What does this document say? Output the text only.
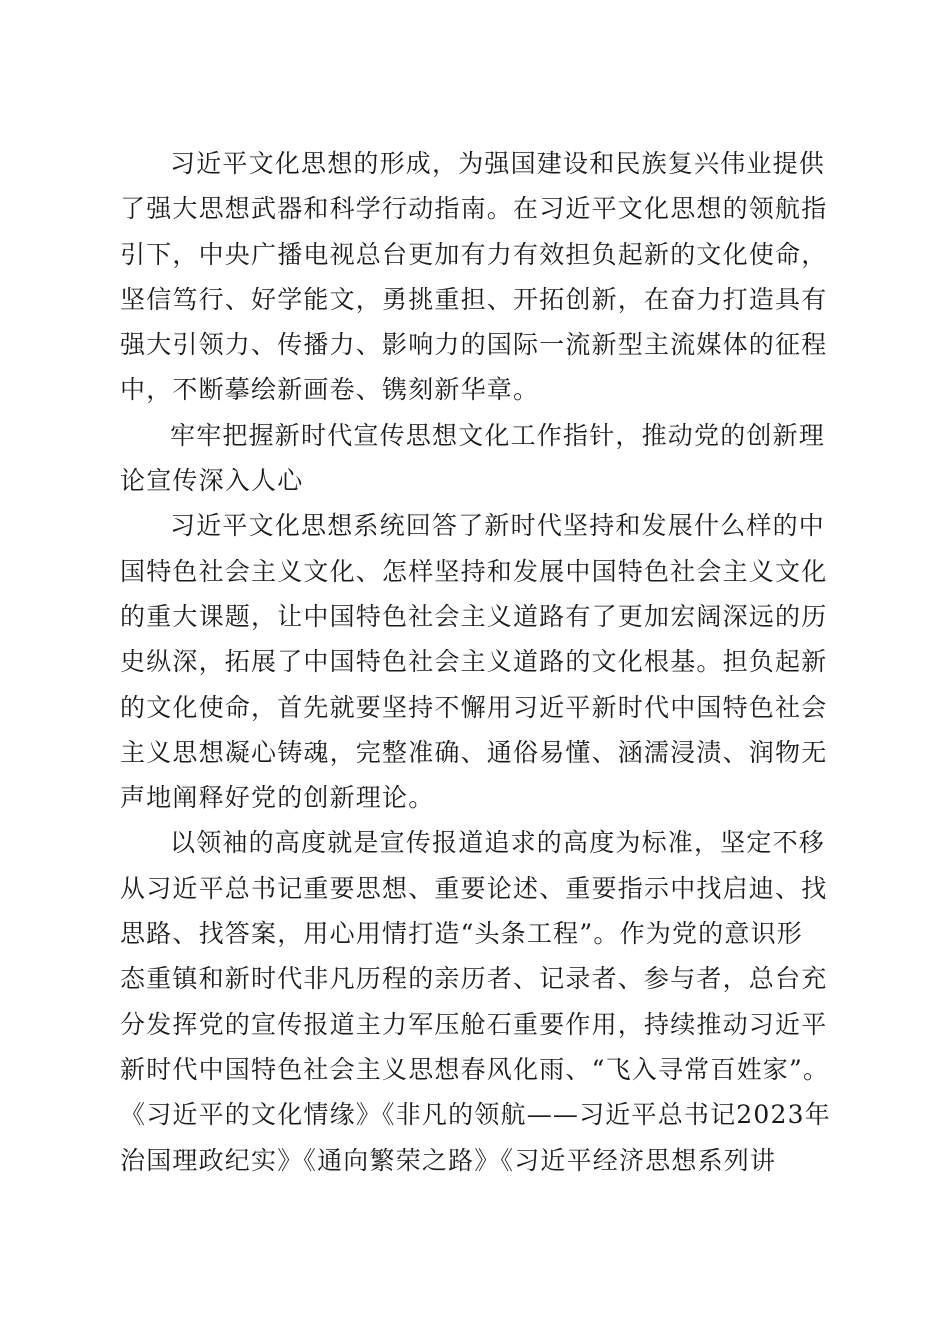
习近平文化思想的形成，为强国建设和民族复兴伟业提供
了强大思想武器和科学行动指南。在习近平文化思想的领航指
引下，中央广播电视总台更加有力有效担负起新的文化使命，
坚信笃行、好学能文，勇挑重担、开拓创新，在奋力打造具有
强大引领力、传播力、影响力的国际一流新型主流媒体的征程
中，不断摹绘新画卷、镌刻新华章。
牢牢把握新时代宣传思想文化工作指针，推动党的创新理
论宣传深入人心
习近平文化思想系统回答了新时代坚持和发展什么样的中
国特色社会主义文化、怎样坚持和发展中国特色社会主义文化
的重大课题，让中国特色社会主义道路有了更加宏阔深远的历
史纵深，拓展了中国特色社会主义道路的文化根基。担负起新
的文化使命，首先就要坚持不懈用习近平新时代中国特色社会
主义思想凝心铸魂，完整准确、通俗易懂、涵濡浸渍、润物无
声地阐释好党的创新理论。
以领袖的高度就是宣传报道追求的高度为标准，坚定不移
从习近平总书记重要思想、重要论述、重要指示中找启迪、找
思路、找答案，用心用情打造“头条工程”。作为党的意识形
态重镇和新时代非凡历程的亲历者、记录者、参与者，总台充
分发挥党的宣传报道主力军压舱石重要作用，持续推动习近平
新时代中国特色社会主义思想春风化雨、“飞入寻常百姓家”。
《习近平的文化情缘》《非凡的领航——习近平总书记2023年
治国理政纪实》《通向繁荣之路》《习近平经济思想系列讲
